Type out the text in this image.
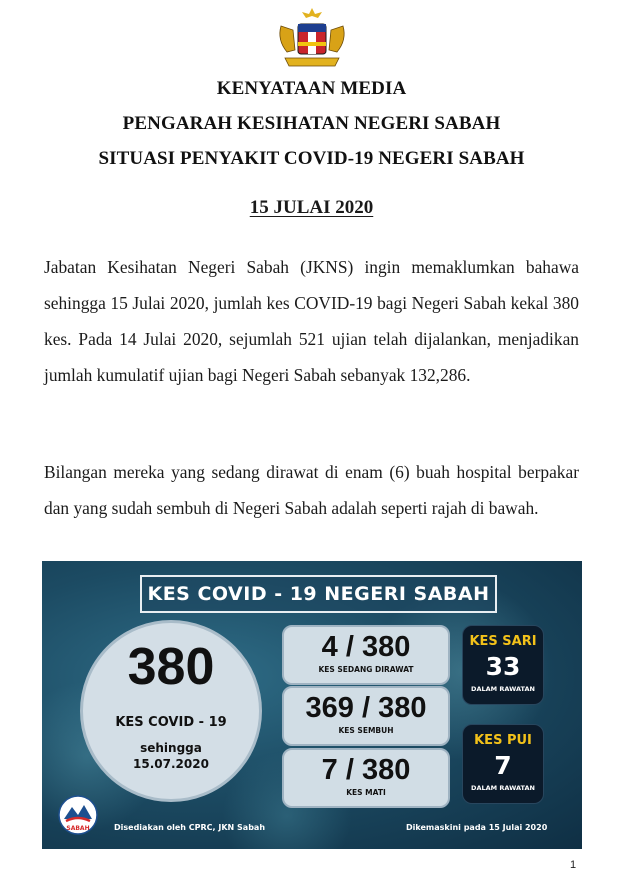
KENYATAAN MEDIA
PENGARAH KESIHATAN NEGERI SABAH
SITUASI PENYAKIT COVID-19 NEGERI SABAH
15 JULAI 2020

Jabatan Kesihatan Negeri Sabah (JKNS) ingin memaklumkan bahawa sehingga 15 Julai 2020, jumlah kes COVID-19 bagi Negeri Sabah kekal 380 kes. Pada 14 Julai 2020, sejumlah 521 ujian telah dijalankan, menjadikan jumlah kumulatif ujian bagi Negeri Sabah sebanyak 132,286.

Bilangan mereka yang sedang dirawat di enam (6) buah hospital berpakar dan yang sudah sembuh di Negeri Sabah adalah seperti rajah di bawah.

KES COVID - 19 NEGERI SABAH
380
KES COVID - 19
sehingga
15.07.2020
4 / 380
KES SEDANG DIRAWAT
369 / 380
KES SEMBUH
7 / 380
KES MATI
KES SARI
33
DALAM RAWATAN
KES PUI
7
DALAM RAWATAN
SABAH	Disediakan oleh CPRC, JKN Sabah	Dikemaskini pada 15 Julai 2020
1
